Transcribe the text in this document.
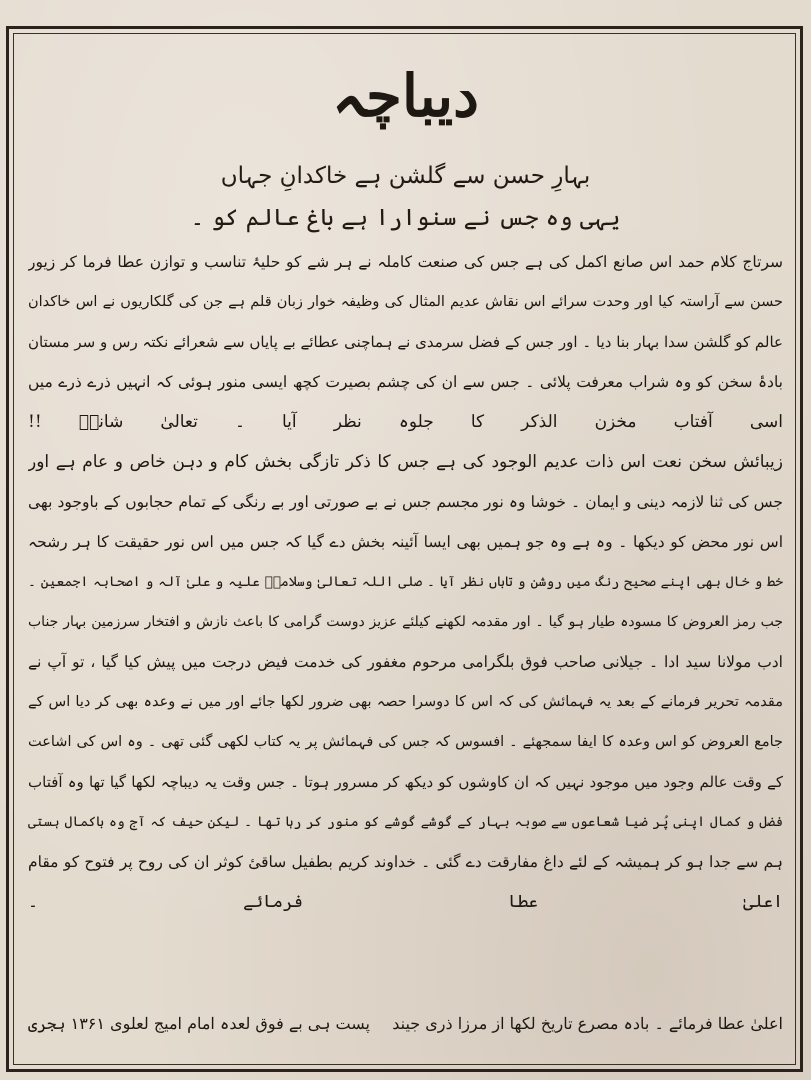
دیباچہ
بہارِ حسن سے گلشن ہے خاکدانِ جہاں
یہی وہ جس نے سنوارا ہے باغ عالم کو ۔
سرتاج کلام حمد اس صانع اکمل کی ہے جس کی صنعت کاملہ نے ہر شے کو حلیۂ تناسب و توازن عطا فرما کر زیور
حسن سے آراستہ کیا اور وحدت سرائے اس نقاش عدیم المثال کی وظیفہ خوار زبان قلم ہے جن کی گلکاریوں نے اس خاکدان
عالم کو گلشن سدا بہار بنا دیا ۔ اور جس کے فضل سرمدی نے ہماچنی عطائے بے پایاں سے شعرائے نکتہ رس و سر مستان
بادۂ سخن کو وہ شراب معرفت پلائی ۔ جس سے ان کی چشم بصیرت کچھ ایسی منور ہوئی کہ انہیں ذرے ذرے میں
اسی آفتاب مخزن الذکر کا جلوہ نظر آیا ۔ تعالیٰ شانہٗ !!
زیبائش سخن نعت اس ذات عدیم الوجود کی ہے جس کا ذکر تازگی بخش کام و دہن خاص و عام ہے اور
جس کی ثنا لازمہ دینی و ایمان ۔ خوشا وہ نور مجسم جس نے بے صورتی اور بے رنگی کے تمام حجابوں کے باوجود بھی
اس نور محض کو دیکھا ۔ وہ ہے وہ جو ہمیں بھی ایسا آئینہ بخش دے گیا کہ جس میں اس نور حقیقت کا ہر رشحہ
خط و خال بھی اپنے صحیح رنگ میں روشن و تاباں نظر آیا ۔ صلی اللہ تعالیٰ وسلامہٗ علیہ و علیٰ آلہ و اصحابہ اجمعین ۔
جب رمز العروض کا مسودہ طیار ہو گیا ۔ اور مقدمہ لکھنے کیلئے عزیز دوست گرامی کا باعث نازش و افتخار سرزمین بہار جناب
ادب مولانا سید ادا ۔ جیلانی صاحب فوق بلگرامی مرحوم مغفور کی خدمت فیض درجت میں پیش کیا گیا ، تو آپ نے
مقدمہ تحریر فرمانے کے بعد یہ فہمائش کی کہ اس کا دوسرا حصہ بھی ضرور لکھا جائے اور میں نے وعدہ بھی کر دیا اس کے
جامع العروض کو اس وعدہ کا ایفا سمجھئے ۔ افسوس کہ جس کی فہمائش پر یہ کتاب لکھی گئی تھی ۔ وہ اس کی اشاعت
کے وقت عالم وجود میں موجود نہیں کہ ان کاوشوں کو دیکھ کر مسرور ہوتا ۔ جس وقت یہ دیباچہ لکھا گیا تھا وہ آفتاب
فضل و کمال اپنی پُر ضیا شعاعوں سے صوبہ بہار کے گوشے گوشے کو منور کر رہا تھا ۔ لیکن حیف کہ آج وہ باکمال ہستی
ہم سے جدا ہو کر ہمیشہ کے لئے داغ مفارقت دے گئی ۔ خداوند کریم بطفیل ساقیٔ کوثر ان کی روح پر فتوح کو مقام
اعلیٰ عطا فرمائے ۔
اعلیٰ عطا فرمائے ۔ بادہ مصرع تاریخ لکھا از مرزا ذری جیند
پست ہی بے فوق لعدہ امام امیج لعلوی ۱۳۶۱ ہجری
